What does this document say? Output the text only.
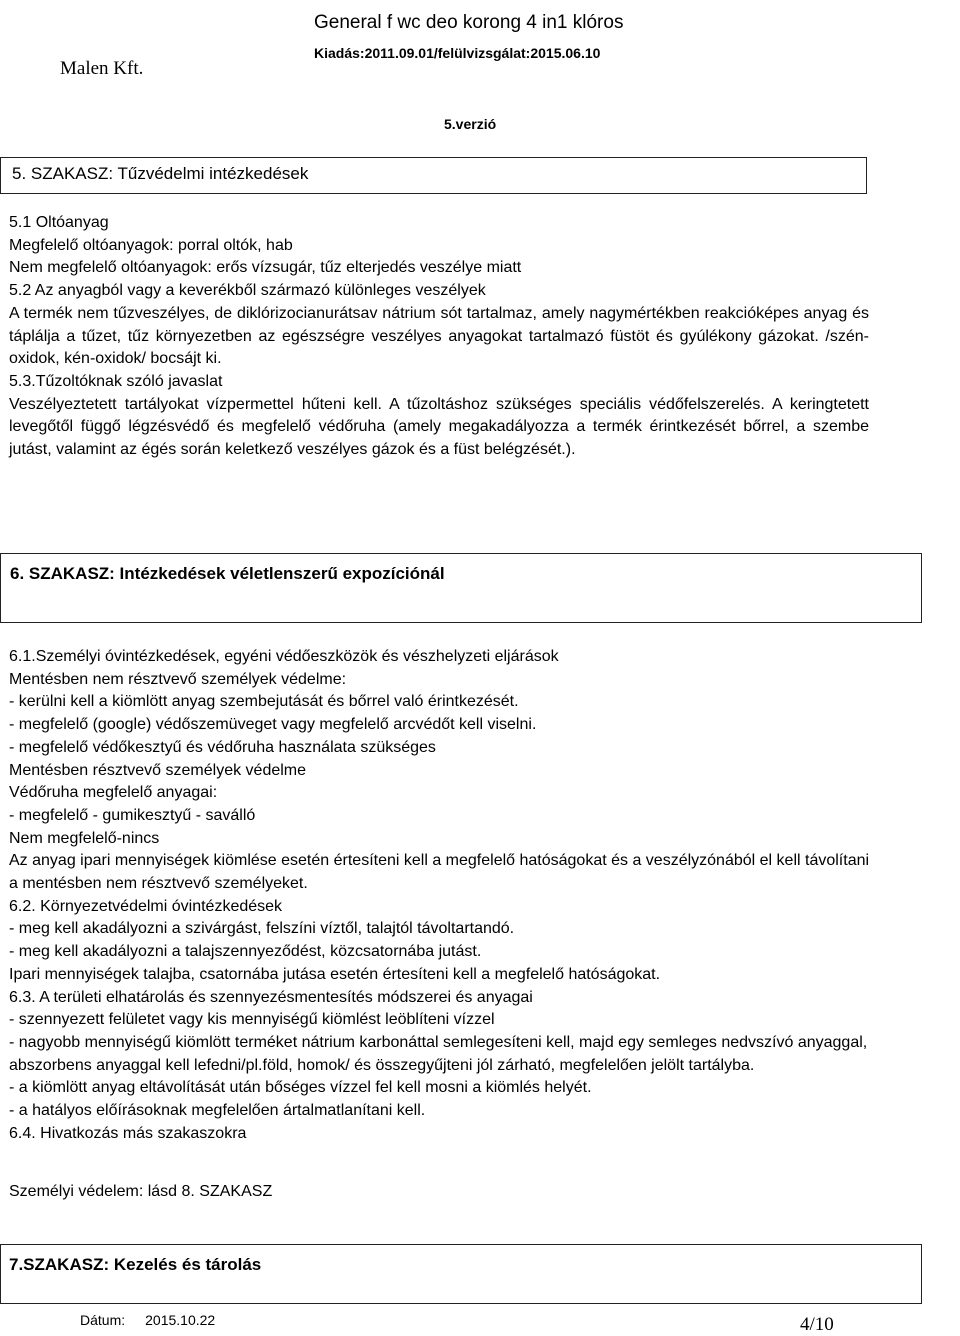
Malen Kft.
General f wc deo korong 4 in1 klóros
Kiadás:2011.09.01/felülvizsgálat:2015.06.10
5.verzió
5. SZAKASZ: Tűzvédelmi intézkedések

5.1 Oltóanyag

Megfelelő oltóanyagok: porral oltók, hab

Nem megfelelő oltóanyagok: erős vízsugár, tűz elterjedés veszélye miatt

5.2 Az anyagból vagy a keverékből származó különleges veszélyek

A termék nem tűzveszélyes, de diklórizocianurátsav nátrium sót tartalmaz, amely nagymértékben reakcióképes anyag és táplálja a tűzet, tűz környezetben az egészségre veszélyes anyagokat tartalmazó füstöt és gyúlékony gázokat. /szén-oxidok, kén-oxidok/ bocsájt ki.

5.3.Tűzoltóknak szóló javaslat

Veszélyeztetett tartályokat vízpermettel hűteni kell. A tűzoltáshoz szükséges speciális védőfelszerelés. A keringtetett levegőtől függő légzésvédő és megfelelő védőruha (amely megakadályozza a termék érintkezését bőrrel, a szembe jutást, valamint az égés során keletkező veszélyes gázok és a füst belégzését.).

6. SZAKASZ: Intézkedések véletlenszerű expozíciónál

6.1.Személyi óvintézkedések, egyéni védőeszközök és vészhelyzeti eljárások

Mentésben nem résztvevő személyek védelme:

- kerülni kell a kiömlött anyag szembejutását és bőrrel való érintkezését.

- megfelelő (google) védőszemüveget vagy megfelelő arcvédőt kell viselni.

- megfelelő védőkesztyű és védőruha használata szükséges

Mentésben résztvevő személyek védelme

Védőruha megfelelő anyagai:

- megfelelő - gumikesztyű - saválló

Nem megfelelő-nincs

Az anyag ipari mennyiségek kiömlése esetén értesíteni kell a megfelelő hatóságokat és a veszélyzónából el kell távolítani a mentésben nem résztvevő személyeket.

6.2. Környezetvédelmi óvintézkedések

- meg kell akadályozni a szivárgást, felszíni víztől, talajtól távoltartandó.

- meg kell akadályozni a talajszennyeződést, közcsatornába jutást.

Ipari mennyiségek talajba, csatornába jutása esetén értesíteni kell a megfelelő hatóságokat.

6.3. A területi elhatárolás és szennyezésmentesítés módszerei és anyagai

- szennyezett felületet vagy kis mennyiségű kiömlést leöblíteni vízzel

- nagyobb mennyiségű kiömlött terméket nátrium karbonáttal semlegesíteni kell, majd egy semleges nedvszívó anyaggal, abszorbens anyaggal kell lefedni/pl.föld, homok/ és összegyűjteni jól zárható, megfelelően jelölt tartályba.

- a kiömlött anyag eltávolítását után bőséges vízzel fel kell mosni a kiömlés helyét.

- a hatályos előírásoknak megfelelően ártalmatlanítani kell.

6.4. Hivatkozás más szakaszokra

Személyi védelem: lásd 8. SZAKASZ

7.SZAKASZ: Kezelés és tárolás
Dátum: 2015.10.22	4/10
